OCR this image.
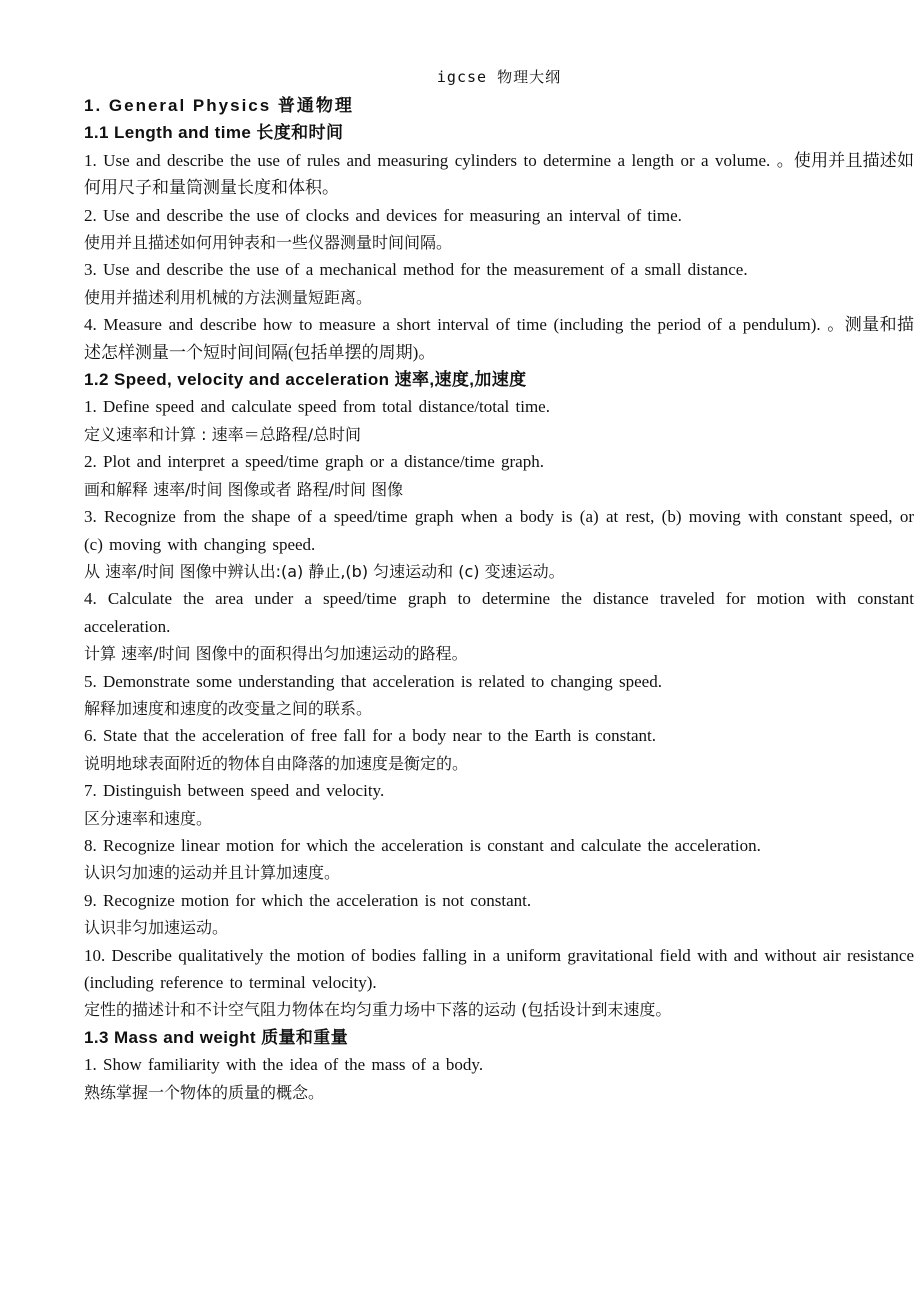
igcse 物理大纲
1. General Physics 普通物理
1.1 Length and time 长度和时间
1. Use and describe the use of rules and measuring cylinders to determine a length or a volume. 。使用并且描述如何用尺子和量筒测量长度和体积。
2. Use and describe the use of clocks and devices for measuring an interval of time.
使用并且描述如何用钟表和一些仪器测量时间间隔。
3. Use and describe the use of a mechanical method for the measurement of a small distance.
使用并描述利用机械的方法测量短距离。
4. Measure and describe how to measure a short interval of time (including the period of a pendulum). 。测量和描述怎样测量一个短时间间隔(包括单摆的周期)。
1.2 Speed, velocity and acceleration 速率,速度,加速度
1. Define speed and calculate speed from total distance/total time.
定义速率和计算 : 速率＝总路程/总时间
2. Plot and interpret a speed/time graph or a distance/time graph.
画和解释 速率/时间 图像或者 路程/时间 图像
3. Recognize from the shape of a speed/time graph when a body is (a) at rest, (b) moving with constant speed, or (c) moving with changing speed.
从 速率/时间 图像中辨认出:(a) 静止,(b) 匀速运动和 (c) 变速运动。
4. Calculate the area under a speed/time graph to determine the distance traveled for motion with constant acceleration.
计算 速率/时间 图像中的面积得出匀加速运动的路程。
5. Demonstrate some understanding that acceleration is related to changing speed.
解释加速度和速度的改变量之间的联系。
6. State that the acceleration of free fall for a body near to the Earth is constant.
说明地球表面附近的物体自由降落的加速度是衡定的。
7. Distinguish between speed and velocity.
区分速率和速度。
8. Recognize linear motion for which the acceleration is constant and calculate the acceleration.
认识匀加速的运动并且计算加速度。
9. Recognize motion for which the acceleration is not constant.
认识非匀加速运动。
10. Describe qualitatively the motion of bodies falling in a uniform gravitational field with and without air resistance (including reference to terminal velocity).
定性的描述计和不计空气阻力物体在均匀重力场中下落的运动 (包括设计到末速度。
1.3 Mass and weight 质量和重量
1. Show familiarity with the idea of the mass of a body.
熟练掌握一个物体的质量的概念。
